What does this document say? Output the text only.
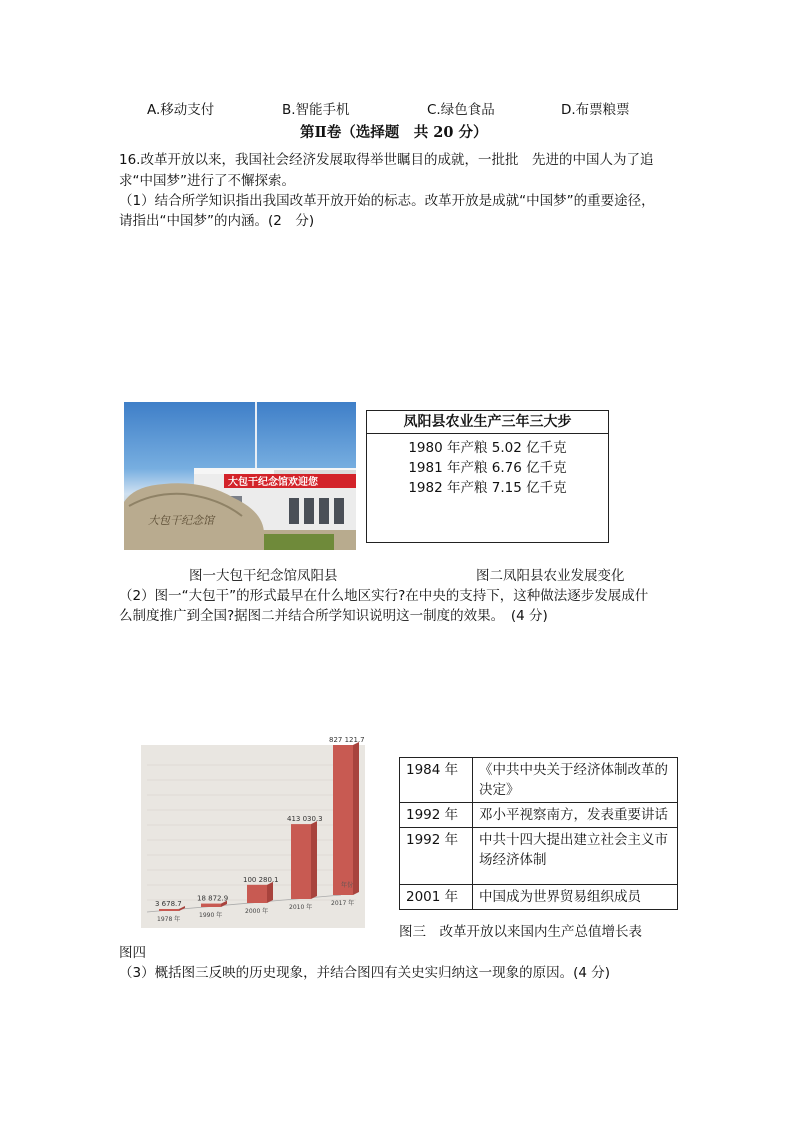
A.移动支付	B.智能手机	C.绿色食品	D.布票粮票
第Ⅱ卷（选择题　共 20 分）
16.改革开放以来，我国社会经济发展取得举世瞩目的成就，一批批　先进的中国人为了追
求“中国梦”进行了不懈探索。
（1）结合所学知识指出我国改革开放开始的标志。改革开放是成就“中国梦”的重要途径，
请指出“中国梦”的内涵。(2　分)
大包干纪念馆欢迎您
大包干纪念馆
凤阳县农业生产三年三大步
1980 年产粮 5.02 亿千克
1981 年产粮 6.76 亿千克
1982 年产粮 7.15 亿千克
图一大包干纪念馆凤阳县	图二凤阳县农业发展变化
（2）图一“大包干”的形式最早在什么地区实行?在中央的支持下，这种做法逐步发展成什
么制度推广到全国?据图二并结合所学知识说明这一制度的效果。　(4 分)
3 678.7
1978 年
18 872.9
1990 年
100 280.1
2000 年
413 030.3
2010 年
827 121.7
2017 年
年份
1984 年	《中共中央关于经济体制改革的决定》
1992 年	邓小平视察南方，发表重要讲话
1992 年	中共十四大提出建立社会主义市场经济体制
2001 年	中国成为世界贸易组织成员
图三　改革开放以来国内生产总值增长表
图四
（3）概括图三反映的历史现象，并结合图四有关史实归纳这一现象的原因。(4 分)
